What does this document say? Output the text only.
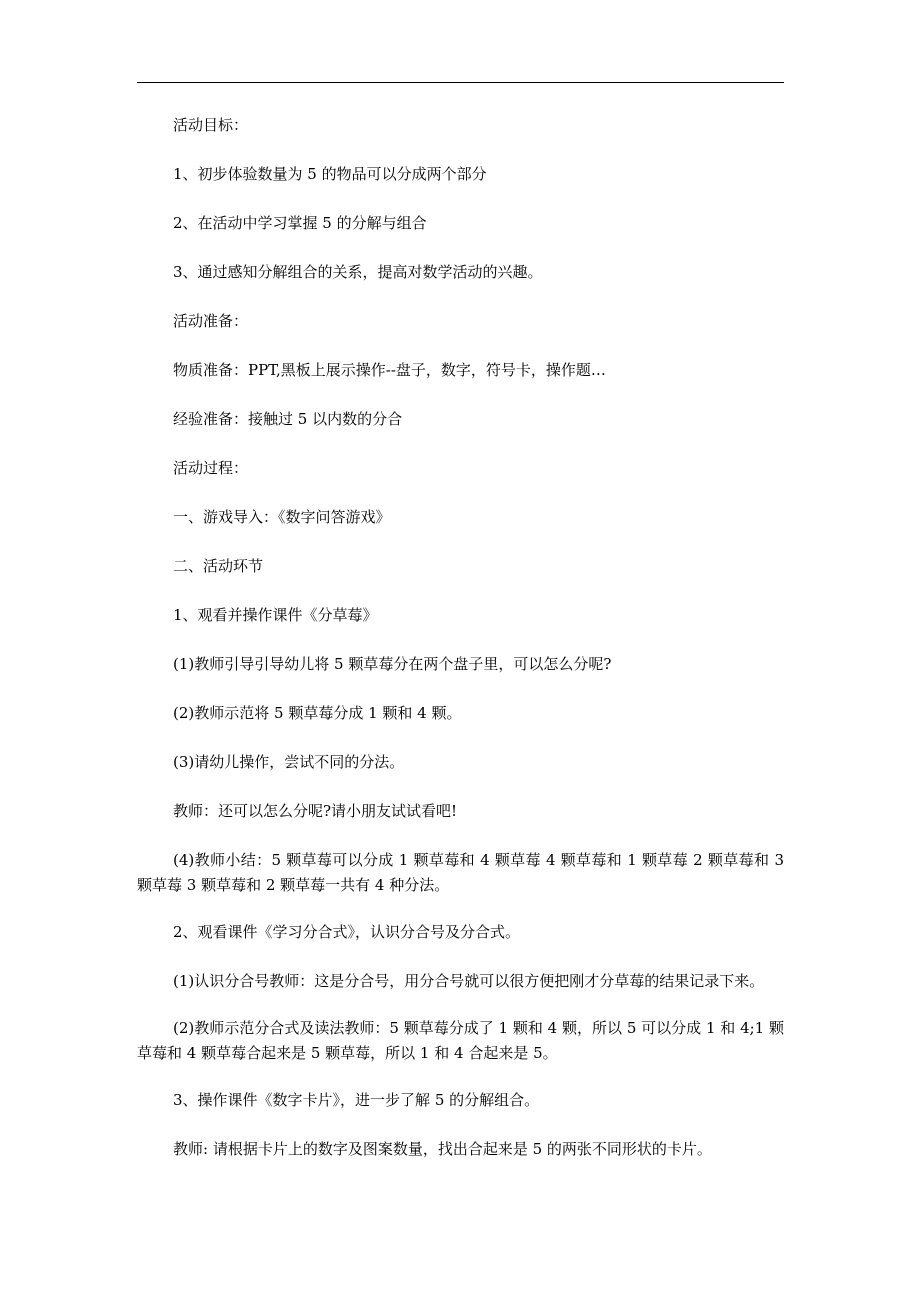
活动目标：

1、初步体验数量为 5 的物品可以分成两个部分

2、在活动中学习掌握 5 的分解与组合

3、通过感知分解组合的关系，提高对数学活动的兴趣。

活动准备：

物质准备：PPT,黑板上展示操作--盘子，数字，符号卡，操作题…

经验准备：接触过 5 以内数的分合

活动过程：

一、游戏导入：《数字问答游戏》

二、活动环节

1、观看并操作课件《分草莓》

(1)教师引导引导幼儿将 5 颗草莓分在两个盘子里，可以怎么分呢?

(2)教师示范将 5 颗草莓分成 1 颗和 4 颗。

(3)请幼儿操作，尝试不同的分法。

教师：还可以怎么分呢?请小朋友试试看吧!

(4)教师小结：5 颗草莓可以分成 1 颗草莓和 4 颗草莓 4 颗草莓和 1 颗草莓 2 颗草莓和 3 颗草莓 3 颗草莓和 2 颗草莓一共有 4 种分法。

2、观看课件《学习分合式》，认识分合号及分合式。

(1)认识分合号教师：这是分合号，用分合号就可以很方便把刚才分草莓的结果记录下来。

(2)教师示范分合式及读法教师：5 颗草莓分成了 1 颗和 4 颗，所以 5 可以分成 1 和 4;1 颗草莓和 4 颗草莓合起来是 5 颗草莓，所以 1 和 4 合起来是 5。

3、操作课件《数字卡片》，进一步了解 5 的分解组合。

教师: 请根据卡片上的数字及图案数量，找出合起来是 5 的两张不同形状的卡片。
